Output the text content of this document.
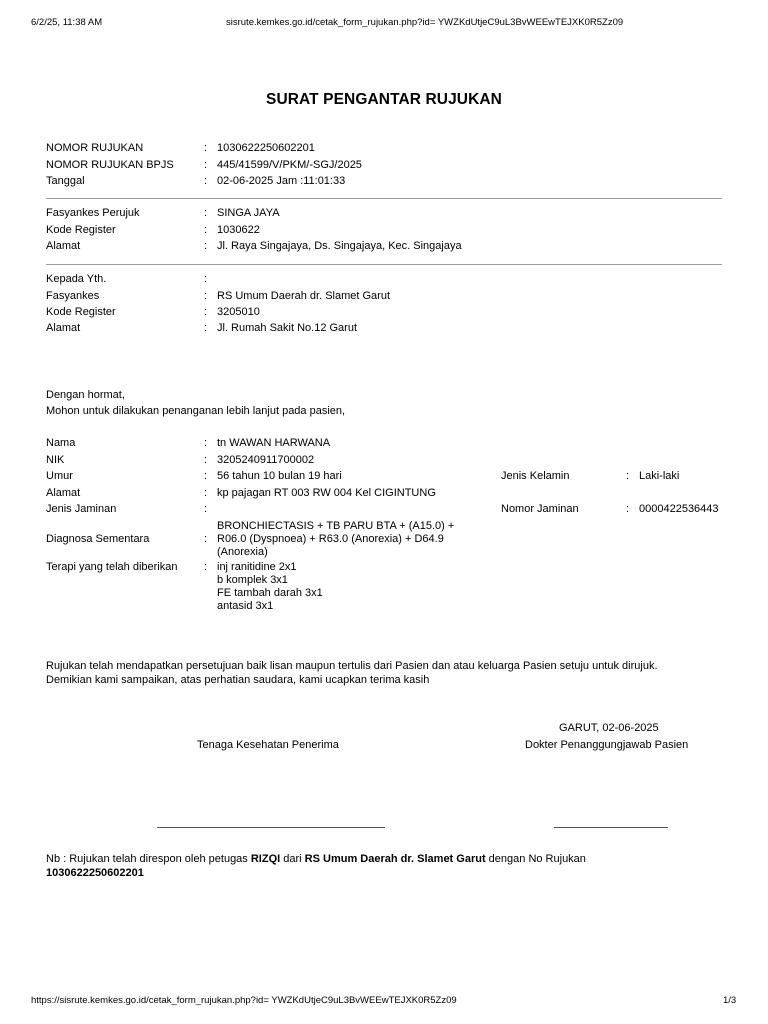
6/2/25, 11:38 AM	sisrute.kemkes.go.id/cetak_form_rujukan.php?id= YWZKdUtjeC9uL3BvWEEwTEJXK0R5Zz09
SURAT PENGANTAR RUJUKAN
NOMOR RUJUKAN	: 1030622250602201
NOMOR RUJUKAN BPJS	: 445/41599/V/PKM/-SGJ/2025
Tanggal	: 02-06-2025 Jam :11:01:33
Fasyankes Perujuk	: SINGA JAYA
Kode Register	: 1030622
Alamat	: Jl. Raya Singajaya, Ds. Singajaya, Kec. Singajaya
Kepada Yth.	:
Fasyankes	: RS Umum Daerah dr. Slamet Garut
Kode Register	: 3205010
Alamat	: Jl. Rumah Sakit No.12 Garut
Dengan hormat,
Mohon untuk dilakukan penanganan lebih lanjut pada pasien,
Nama	: tn WAWAN HARWANA
NIK	: 3205240911700002
Umur	: 56 tahun 10 bulan 19 hari	Jenis Kelamin	: Laki-laki
Alamat	: kp pajagan RT 003 RW 004 Kel CIGINTUNG
Jenis Jaminan	:	Nomor Jaminan	: 0000422536443
Diagnosa Sementara	:
BRONCHIECTASIS + TB PARU BTA + (A15.0) +
R06.0 (Dyspnoea) + R63.0 (Anorexia) + D64.9
(Anorexia)
Terapi yang telah diberikan : inj ranitidine 2x1
b komplek 3x1
FE tambah darah 3x1
antasid 3x1
Rujukan telah mendapatkan persetujuan baik lisan maupun tertulis dari Pasien dan atau keluarga Pasien setuju untuk dirujuk.
Demikian kami sampaikan, atas perhatian saudara, kami ucapkan terima kasih
GARUT, 02-06-2025
Tenaga Kesehatan Penerima	Dokter Penanggungjawab Pasien
Nb : Rujukan telah direspon oleh petugas RIZQI dari RS Umum Daerah dr. Slamet Garut dengan No Rujukan
1030622250602201
https://sisrute.kemkes.go.id/cetak_form_rujukan.php?id= YWZKdUtjeC9uL3BvWEEwTEJXK0R5Zz09	1/3
